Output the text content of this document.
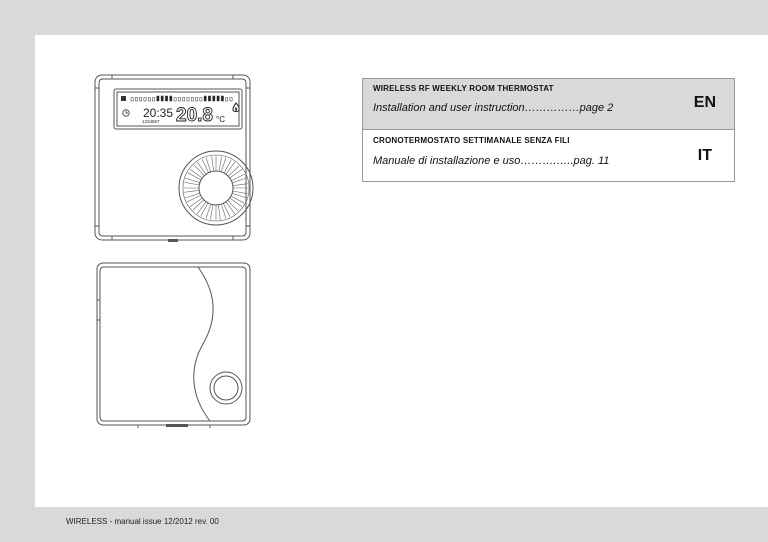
20:35
1234567 20.8 °C
WIRELESS RF WEEKLY ROOM THERMOSTAT
Installation and user instruction……………page 2	EN
CRONOTERMOSTATO SETTIMANALE SENZA FILI
Manuale di installazione e uso……….…..pag. 11	IT
WIRELESS - manual issue 12/2012 rev. 00
